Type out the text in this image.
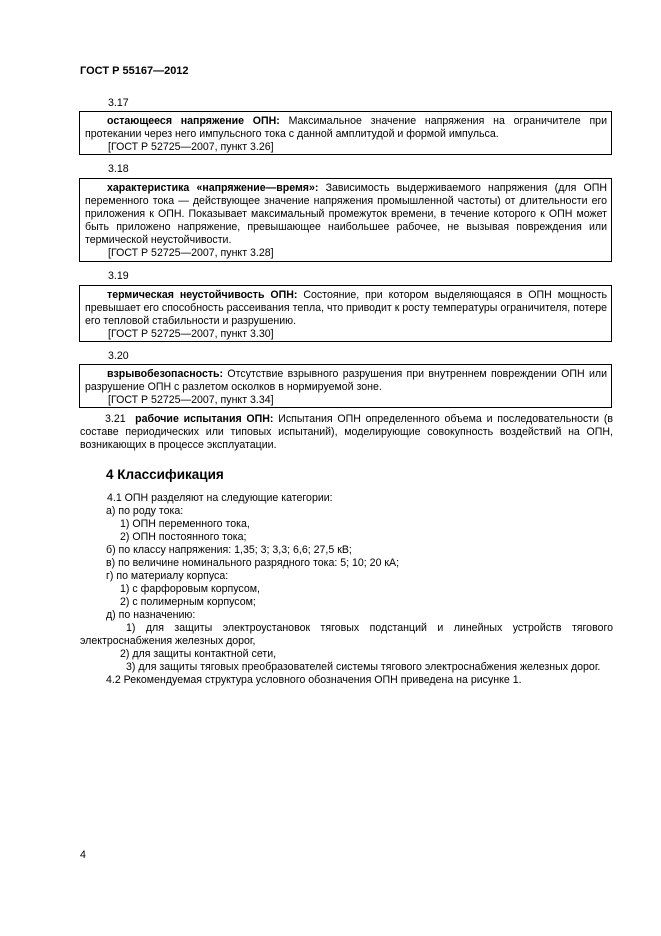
ГОСТ Р 55167—2012
3.17

остающееся напряжение ОПН: Максимальное значение напряжения на ограничителе при протекании через него импульсного тока с данной амплитудой и формой импульса.

[ГОСТ Р 52725—2007, пункт 3.26]

3.18

характеристика «напряжение—время»: Зависимость выдерживаемого напряжения (для ОПН переменного тока — действующее значение напряжения промышленной частоты) от длительности его приложения к ОПН. Показывает максимальный промежуток времени, в течение которого к ОПН может быть приложено напряжение, превышающее наибольшее рабочее, не вызывая повреждения или термической неустойчивости.

[ГОСТ Р 52725—2007, пункт 3.28]

3.19

термическая неустойчивость ОПН: Состояние, при котором выделяющаяся в ОПН мощность превышает его способность рассеивания тепла, что приводит к росту температуры ограничителя, потере его тепловой стабильности и разрушению.

[ГОСТ Р 52725—2007, пункт 3.30]

3.20

взрывобезопасность: Отсутствие взрывного разрушения при внутреннем повреждении ОПН или разрушение ОПН с разлетом осколков в нормируемой зоне.

[ГОСТ Р 52725—2007, пункт 3.34]

3.21 рабочие испытания ОПН: Испытания ОПН определенного объема и последовательности (в составе периодических или типовых испытаний), моделирующие совокупность воздействий на ОПН, возникающих в процессе эксплуатации.

4 Классификация
4.1 ОПН разделяют на следующие категории:
а) по роду тока:
1) ОПН переменного тока,
2) ОПН постоянного тока;
б) по классу напряжения: 1,35; 3; 3,3; 6,6; 27,5 кВ;
в) по величине номинального разрядного тока: 5; 10; 20 кА;
г) по материалу корпуса:
1) с фарфоровым корпусом,
2) с полимерным корпусом;
д) по назначению:
1) для защиты электроустановок тяговых подстанций и линейных устройств тягового электроснабжения железных дорог,
2) для защиты контактной сети,
3) для защиты тяговых преобразователей системы тягового электроснабжения железных дорог.
4.2 Рекомендуемая структура условного обозначения ОПН приведена на рисунке 1.
4
